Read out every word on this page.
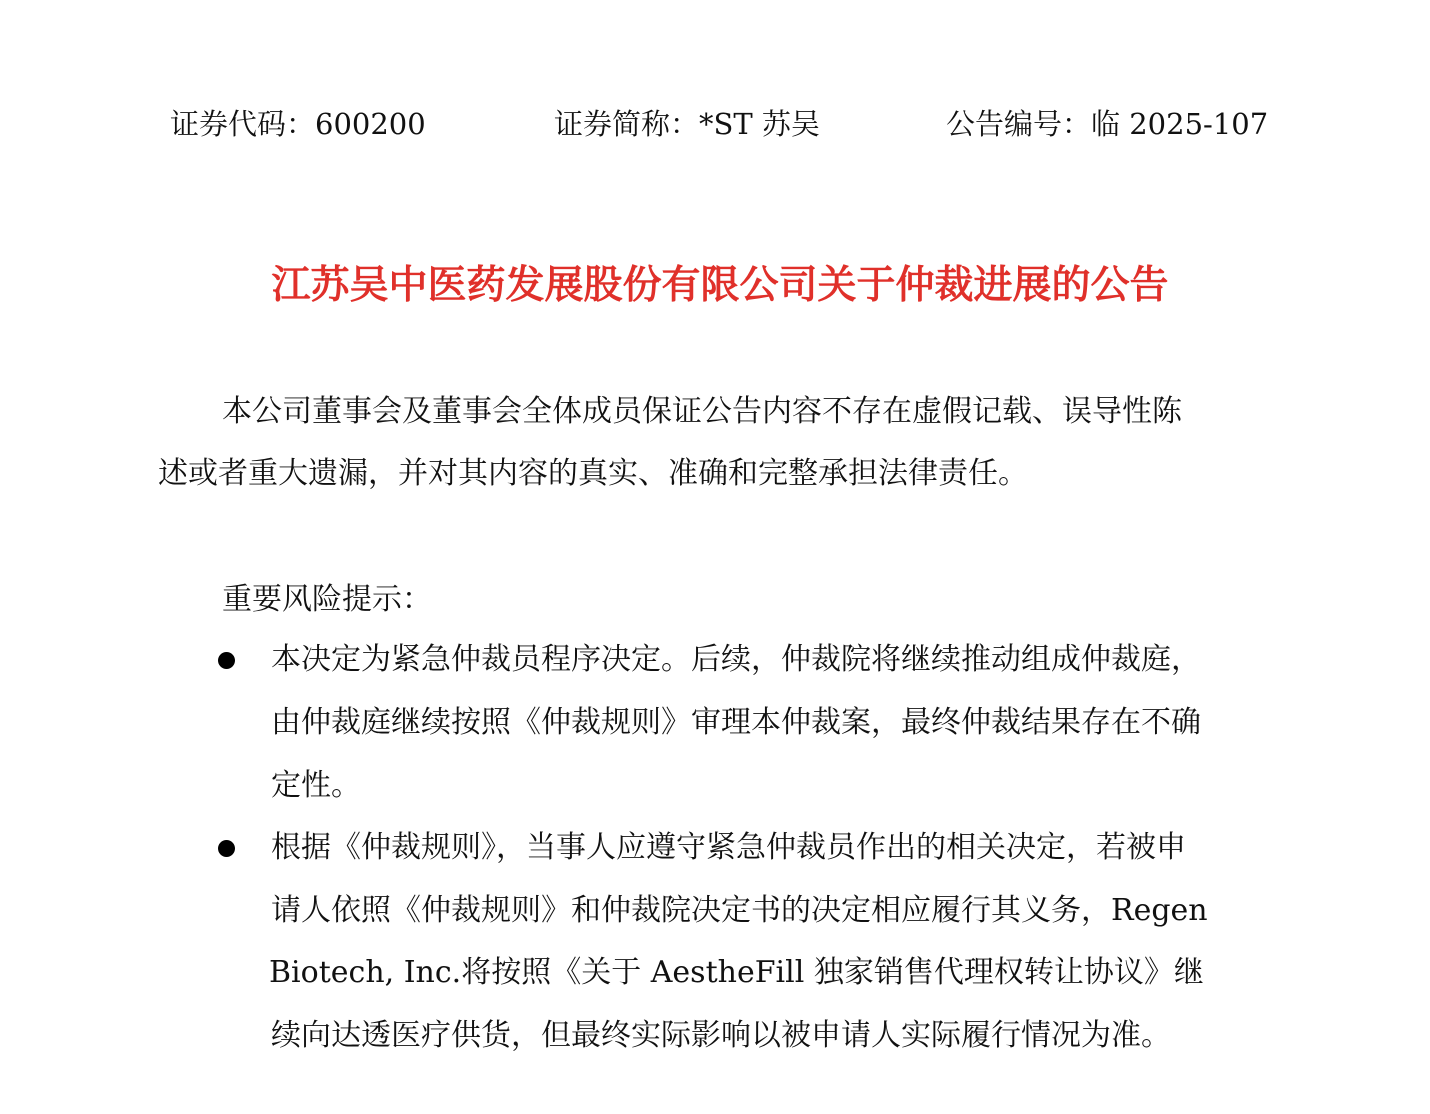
证券代码：600200	证券简称：*ST 苏吴	公告编号：临 2025-107
江苏吴中医药发展股份有限公司关于仲裁进展的公告
本公司董事会及董事会全体成员保证公告内容不存在虚假记载、误导性陈
述或者重大遗漏，并对其内容的真实、准确和完整承担法律责任。
重要风险提示：
本决定为紧急仲裁员程序决定。后续，仲裁院将继续推动组成仲裁庭，
由仲裁庭继续按照《仲裁规则》审理本仲裁案，最终仲裁结果存在不确
定性。
根据《仲裁规则》，当事人应遵守紧急仲裁员作出的相关决定，若被申
请人依照《仲裁规则》和仲裁院决定书的决定相应履行其义务，Regen
Biotech, Inc.将按照《关于 AestheFill 独家销售代理权转让协议》继
续向达透医疗供货，但最终实际影响以被申请人实际履行情况为准。
